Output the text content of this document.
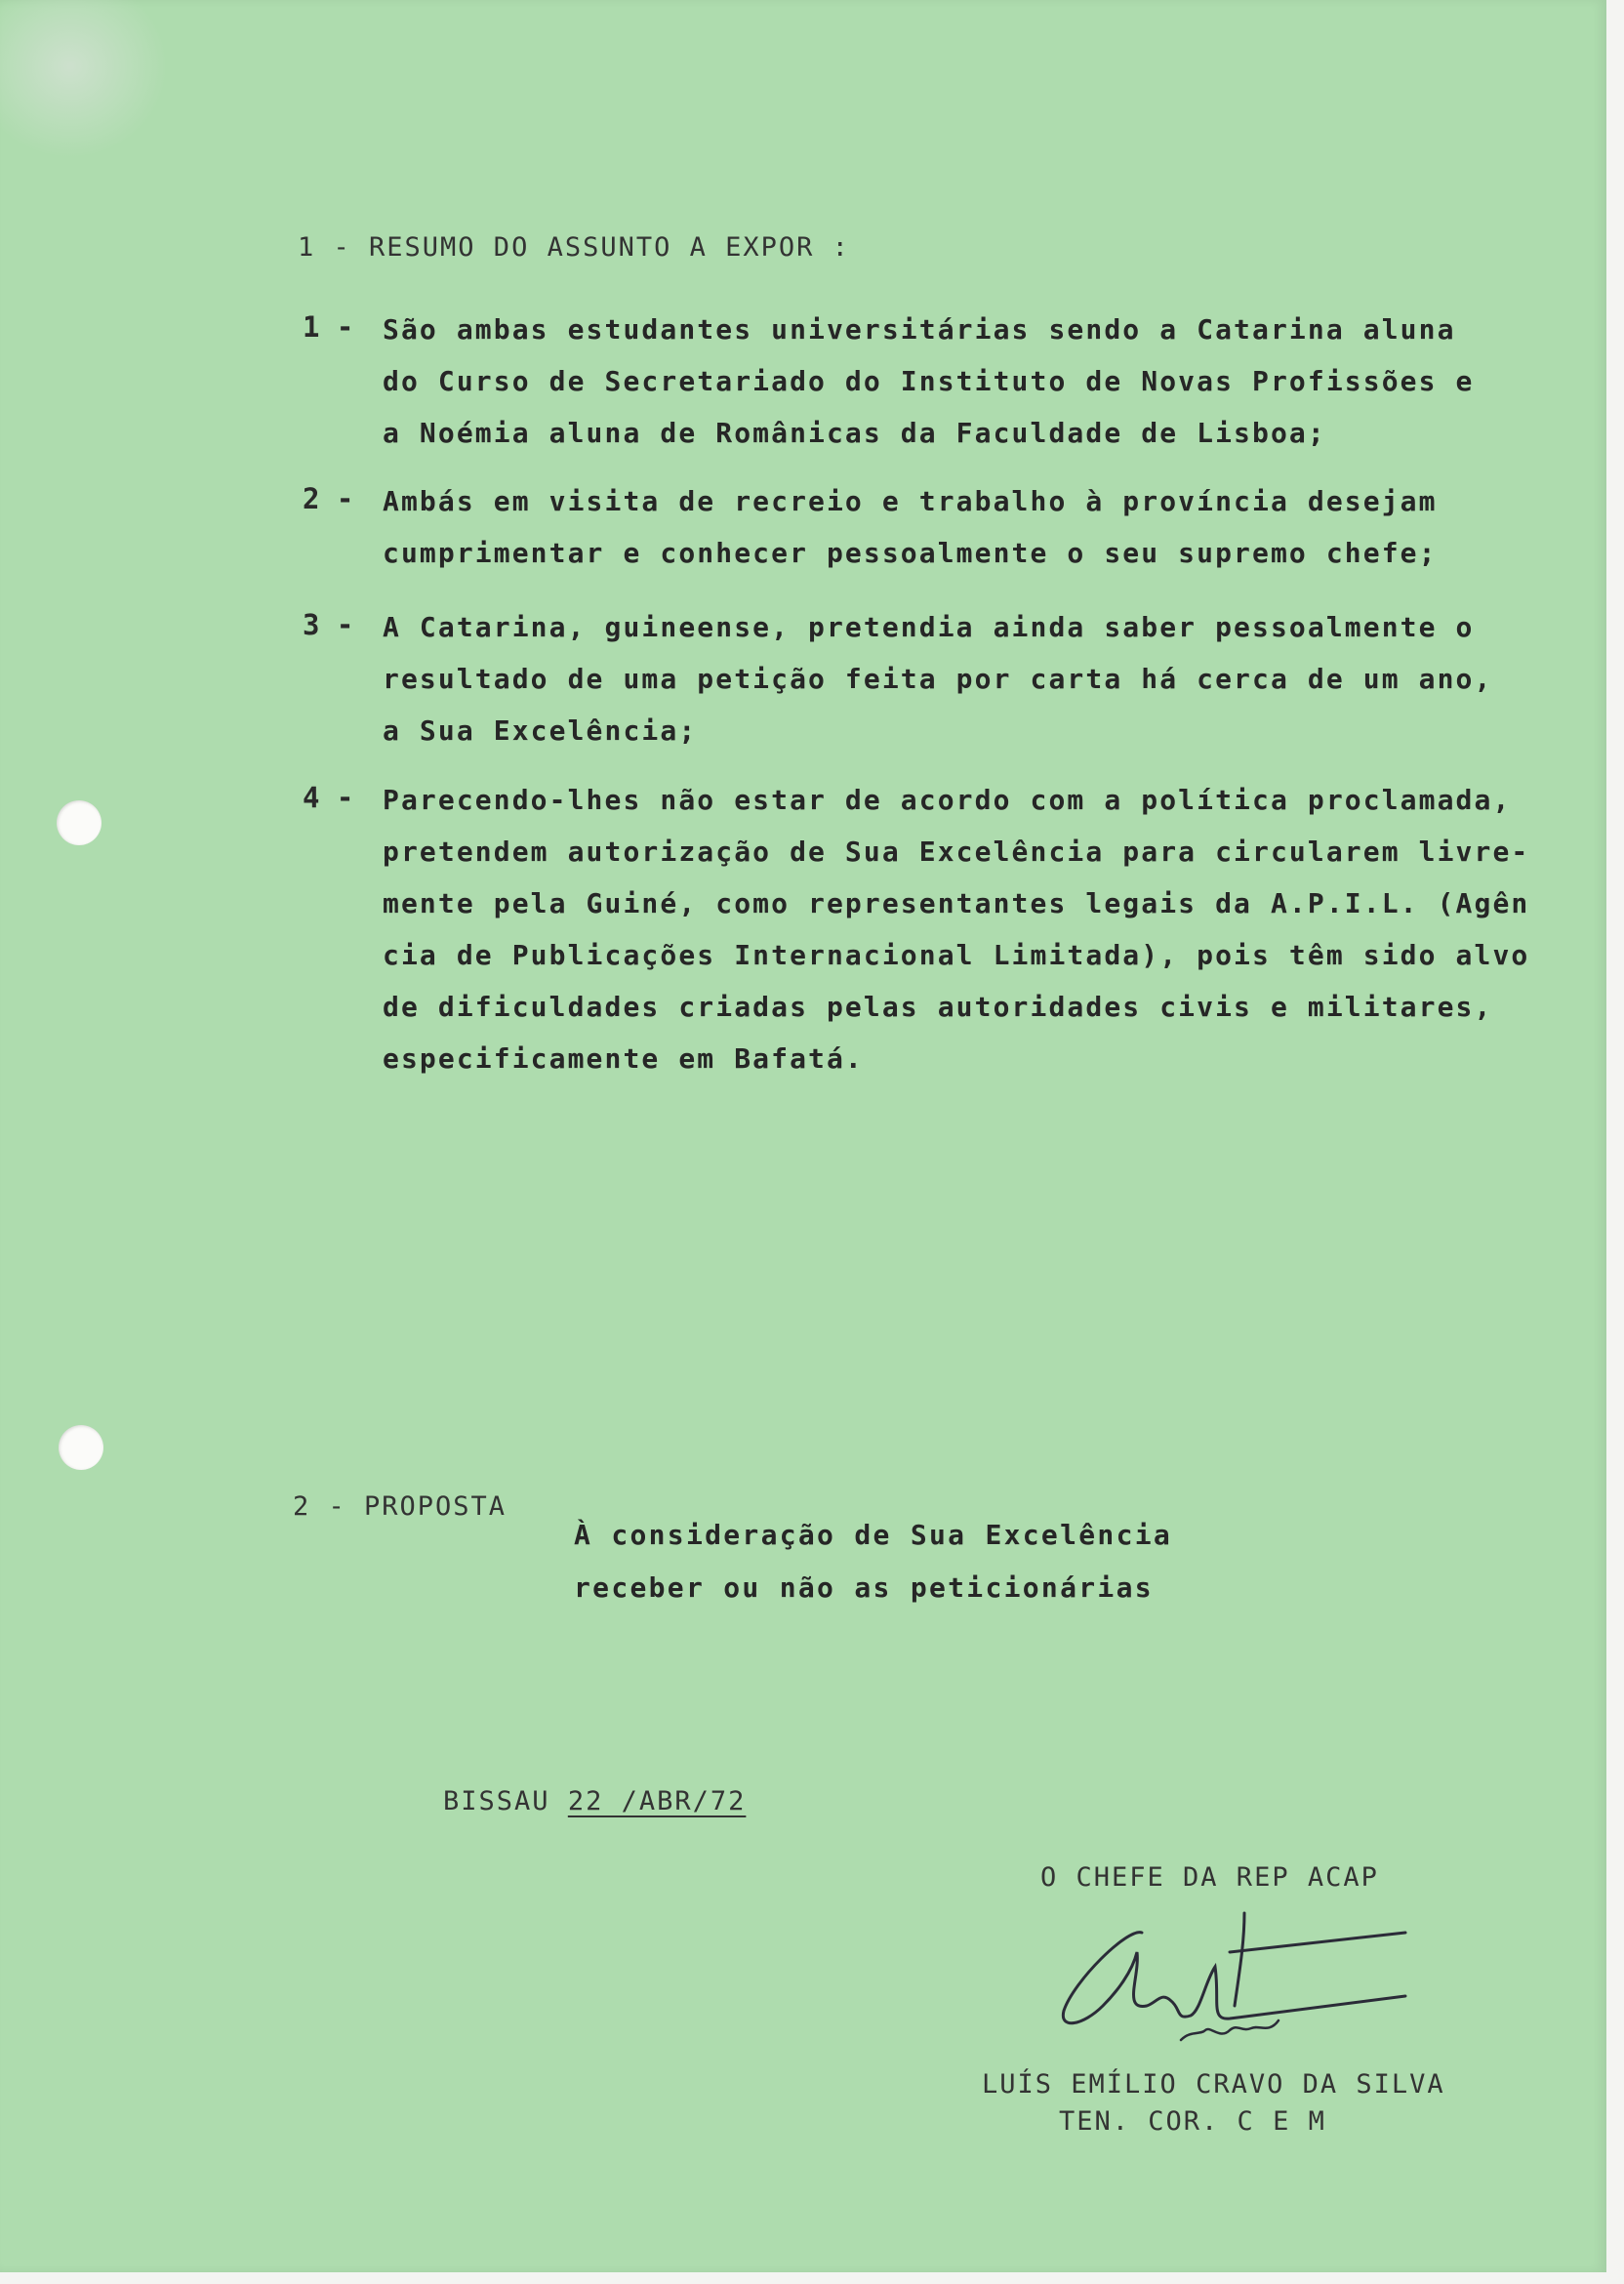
1 - RESUMO DO ASSUNTO A EXPOR :
1 - São ambas estudantes universitárias sendo a Catarina aluna
do Curso de Secretariado do Instituto de Novas Profissões e
a Noémia aluna de Românicas da Faculdade de Lisboa;
2 - Ambás em visita de recreio e trabalho à província desejam
cumprimentar e conhecer pessoalmente o seu supremo chefe;
3 - A Catarina, guineense, pretendia ainda saber pessoalmente o
resultado de uma petição feita por carta há cerca de um ano,
a Sua Excelência;
4 - Parecendo-lhes não estar de acordo com a política proclamada,
pretendem autorização de Sua Excelência para circularem livre-
mente pela Guiné, como representantes legais da A.P.I.L. (Agên
cia de Publicações Internacional Limitada), pois têm sido alvo
de dificuldades criadas pelas autoridades civis e militares,
especificamente em Bafatá.
2 - PROPOSTA
À consideração de Sua Excelência
receber ou não as peticionárias
BISSAU 22 /ABR/72
O CHEFE DA REP ACAP
LUÍS EMÍLIO CRAVO DA SILVA
TEN. COR. C E M
